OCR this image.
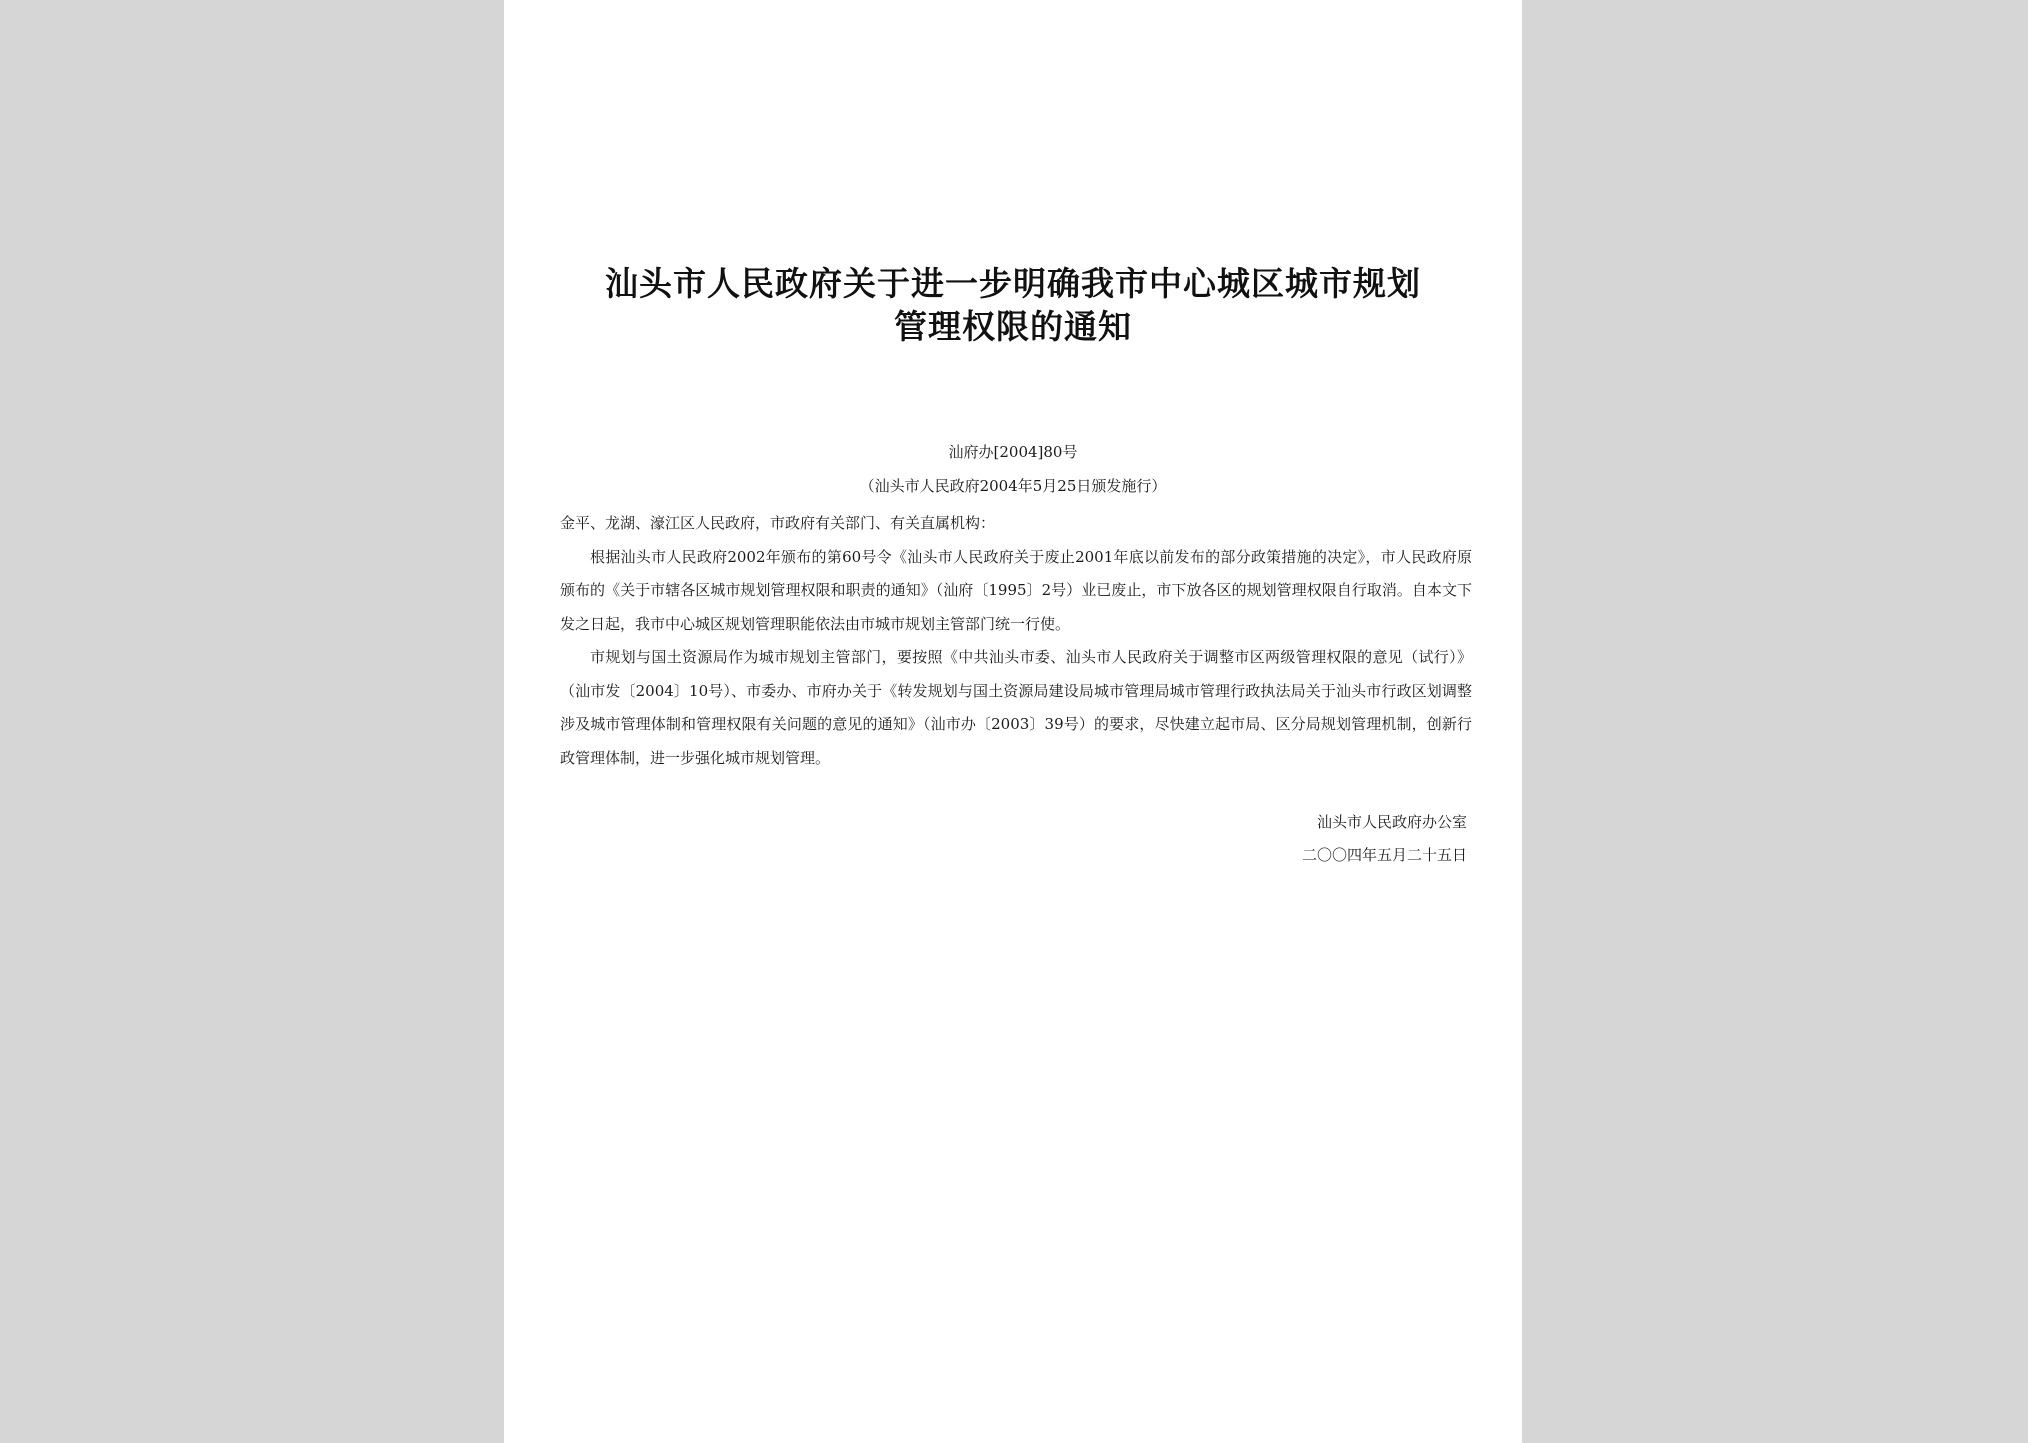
汕头市人民政府关于进一步明确我市中心城区城市规划
管理权限的通知
汕府办[2004]80号
（汕头市人民政府2004年5月25日颁发施行）

金平、龙湖、濠江区人民政府，市政府有关部门、有关直属机构：

根据汕头市人民政府2002年颁布的第60号令《汕头市人民政府关于废止2001年底以前发布的部分政策措施的决定》，市人民政府原颁布的《关于市辖各区城市规划管理权限和职责的通知》（汕府〔1995〕2号）业已废止，市下放各区的规划管理权限自行取消。自本文下发之日起，我市中心城区规划管理职能依法由市城市规划主管部门统一行使。

市规划与国土资源局作为城市规划主管部门，要按照《中共汕头市委、汕头市人民政府关于调整市区两级管理权限的意见（试行）》（汕市发〔2004〕10号）、市委办、市府办关于《转发规划与国土资源局建设局城市管理局城市管理行政执法局关于汕头市行政区划调整涉及城市管理体制和管理权限有关问题的意见的通知》（汕市办〔2003〕39号）的要求，尽快建立起市局、区分局规划管理机制，创新行政管理体制，进一步强化城市规划管理。

汕头市人民政府办公室
二〇〇四年五月二十五日
